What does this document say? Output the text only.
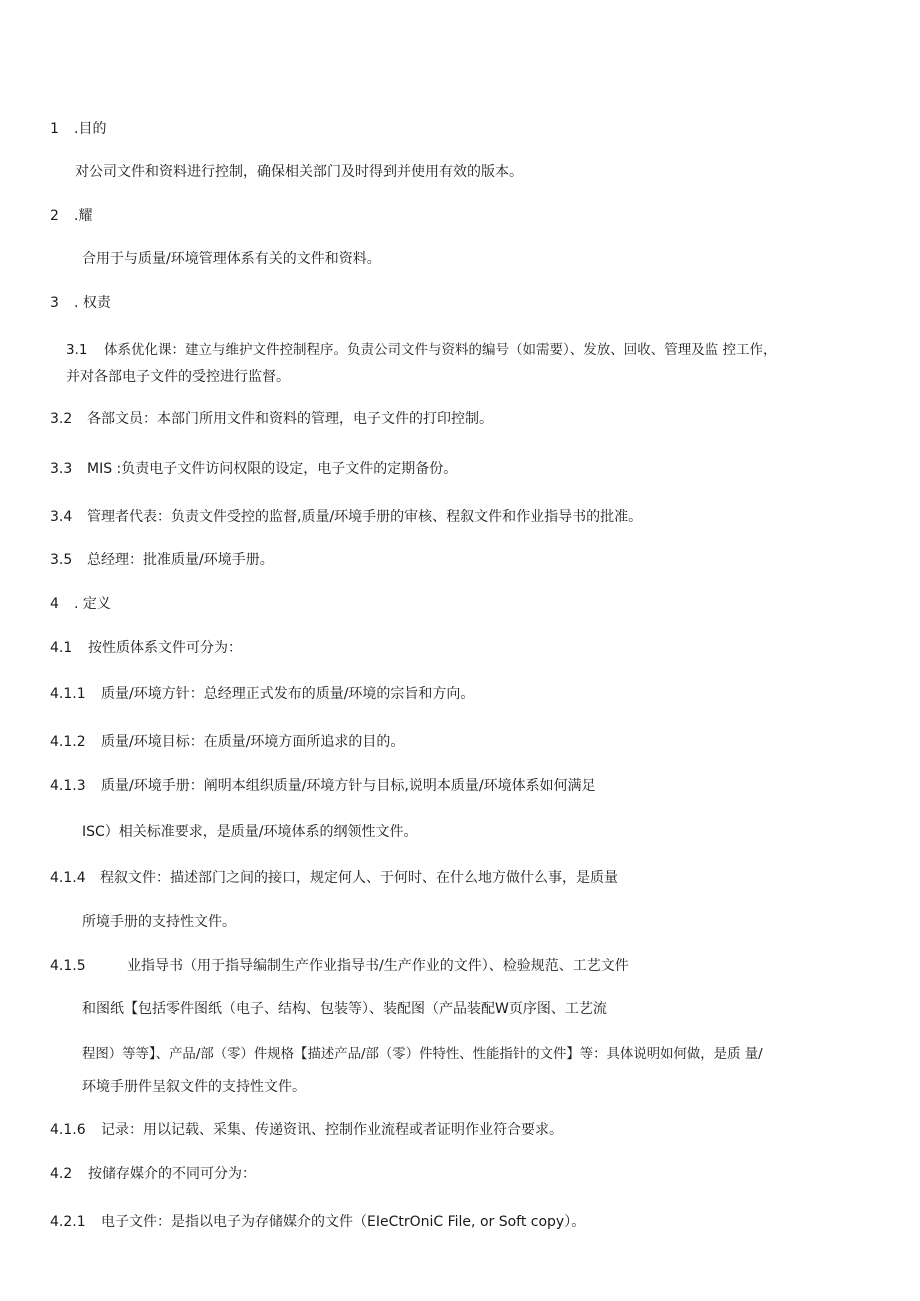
1 .目的
对公司文件和资料进行控制，确保相关部门及时得到并使用有效的版本。
2 .耀
合用于与质量/环境管理体系有关的文件和资料。
3 . 权责
3.1 体系优化课：建立与维护文件控制程序。负责公司文件与资料的编号（如需要）、发放、回收、管理及监 控工作，
并对各部电子文件的受控进行监督。
3.2 各部文员：本部门所用文件和资料的管理，电子文件的打印控制。
3.3 MIS :负责电子文件访问权限的设定，电子文件的定期备份。
3.4 管理者代表：负责文件受控的监督,质量/环境手册的审核、程叙文件和作业指导书的批准。
3.5 总经理：批准质量/环境手册。
4 . 定义
4.1 按性质体系文件可分为：
4.1.1 质量/环境方针：总经理正式发布的质量/环境的宗旨和方向。
4.1.2 质量/环境目标：在质量/环境方面所追求的目的。
4.1.3 质量/环境手册：阐明本组织质量/环境方针与目标,说明本质量/环境体系如何满足
ISC）相关标准要求，是质量/环境体系的纲领性文件。
4.1.4 程叙文件：描述部门之间的接口，规定何人、于何时、在什么地方做什么事，是质量
所境手册的支持性文件。
4.1.5	业指导书（用于指导编制生产作业指导书/生产作业的文件）、检验规范、工艺文件
和图纸【包括零件图纸（电子、结构、包装等）、装配图（产品装配W页序图、工艺流
程图）等等】、产品/部（零）件规格【描述产品/部（零）件特性、性能指针的文件】等：具体说明如何做，是质 量/
环境手册件呈叙文件的支持性文件。
4.1.6 记录：用以记载、采集、传递资讯、控制作业流程或者证明作业符合要求。
4.2 按储存媒介的不同可分为：
4.2.1 电子文件：是指以电子为存储媒介的文件（EIeCtrOniC File, or Soft copy）。
